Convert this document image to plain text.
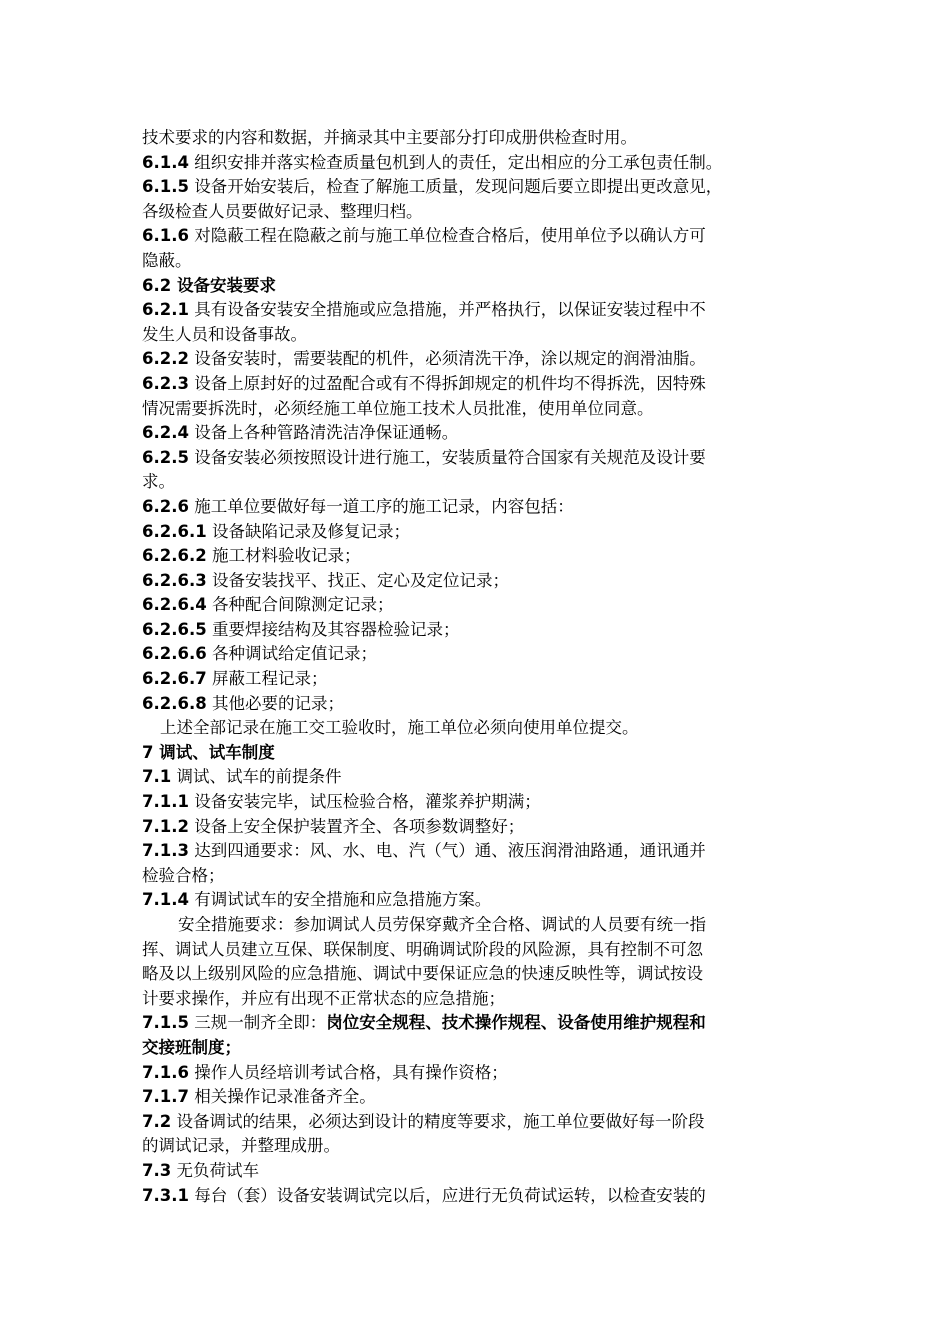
技术要求的内容和数据，并摘录其中主要部分打印成册供检查时用。
6.1.4 组织安排并落实检查质量包机到人的责任，定出相应的分工承包责任制。
6.1.5 设备开始安装后，检查了解施工质量，发现问题后要立即提出更改意见，
各级检查人员要做好记录、整理归档。
6.1.6 对隐蔽工程在隐蔽之前与施工单位检查合格后，使用单位予以确认方可
隐蔽。
6.2 设备安装要求
6.2.1 具有设备安装安全措施或应急措施，并严格执行，以保证安装过程中不
发生人员和设备事故。
6.2.2 设备安装时，需要装配的机件，必须清洗干净，涂以规定的润滑油脂。
6.2.3 设备上原封好的过盈配合或有不得拆卸规定的机件均不得拆洗，因特殊
情况需要拆洗时，必须经施工单位施工技术人员批准，使用单位同意。
6.2.4 设备上各种管路清洗洁净保证通畅。
6.2.5 设备安装必须按照设计进行施工，安装质量符合国家有关规范及设计要
求。
6.2.6 施工单位要做好每一道工序的施工记录，内容包括：
6.2.6.1 设备缺陷记录及修复记录；
6.2.6.2 施工材料验收记录；
6.2.6.3 设备安装找平、找正、定心及定位记录；
6.2.6.4 各种配合间隙测定记录；
6.2.6.5 重要焊接结构及其容器检验记录；
6.2.6.6 各种调试给定值记录；
6.2.6.7 屏蔽工程记录；
6.2.6.8 其他必要的记录；
上述全部记录在施工交工验收时，施工单位必须向使用单位提交。
7 调试、试车制度
7.1 调试、试车的前提条件
7.1.1 设备安装完毕，试压检验合格，灌浆养护期满；
7.1.2 设备上安全保护装置齐全、各项参数调整好；
7.1.3 达到四通要求：风、水、电、汽（气）通、液压润滑油路通，通讯通并
检验合格；
7.1.4 有调试试车的安全措施和应急措施方案。
安全措施要求：参加调试人员劳保穿戴齐全合格、调试的人员要有统一指
挥、调试人员建立互保、联保制度、明确调试阶段的风险源，具有控制不可忽
略及以上级别风险的应急措施、调试中要保证应急的快速反映性等，调试按设
计要求操作，并应有出现不正常状态的应急措施；
7.1.5 三规一制齐全即：岗位安全规程、技术操作规程、设备使用维护规程和
交接班制度；
7.1.6 操作人员经培训考试合格，具有操作资格；
7.1.7 相关操作记录准备齐全。
7.2 设备调试的结果，必须达到设计的精度等要求，施工单位要做好每一阶段
的调试记录，并整理成册。
7.3 无负荷试车
7.3.1 每台（套）设备安装调试完以后，应进行无负荷试运转，以检查安装的
